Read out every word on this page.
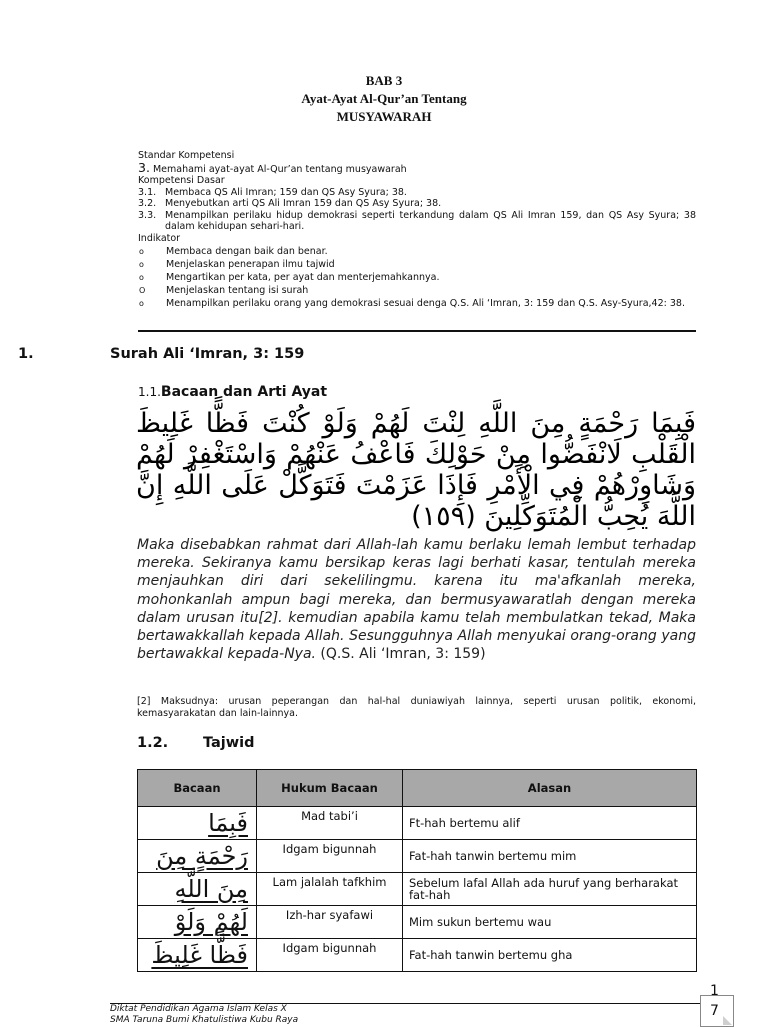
BAB 3
Ayat-Ayat Al-Qur’an Tentang
MUSYAWARAH
Standar Kompetensi
3. Memahami ayat-ayat Al-Qur’an tentang musyawarah
Kompetensi Dasar
3.1. Membaca QS Ali Imran; 159 dan QS Asy Syura; 38.
3.2. Menyebutkan arti QS Ali Imran 159 dan QS Asy Syura; 38.
3.3. Menampilkan perilaku hidup demokrasi seperti terkandung dalam QS Ali Imran 159, dan QS Asy Syura; 38 dalam kehidupan sehari-hari.
Indikator
o	Membaca dengan baik dan benar.
o	Menjelaskan penerapan ilmu tajwid
o	Mengartikan per kata, per ayat dan menterjemahkannya.
O	Menjelaskan tentang isi surah
o	Menampilkan perilaku orang yang demokrasi sesuai denga Q.S. Ali ‘Imran, 3: 159 dan Q.S. Asy-Syura,42: 38.
1.	Surah Ali ‘Imran, 3: 159
1.1.Bacaan dan Arti Ayat
فَبِمَا رَحْمَةٍ مِنَ اللَّهِ لِنْتَ لَهُمْ وَلَوْ كُنْتَ فَظًّا غَلِيظَ الْقَلْبِ لَانْفَضُّوا مِنْ حَوْلِكَ فَاعْفُ عَنْهُمْ وَاسْتَغْفِرْ لَهُمْ وَشَاوِرْهُمْ فِي الْأَمْرِ فَإِذَا عَزَمْتَ فَتَوَكَّلْ عَلَى اللَّهِ إِنَّ اللَّهَ يُحِبُّ الْمُتَوَكِّلِينَ (١٥٩)
Maka disebabkan rahmat dari Allah-lah kamu berlaku lemah lembut terhadap mereka. Sekiranya kamu bersikap keras lagi berhati kasar, tentulah mereka menjauhkan diri dari sekelilingmu. karena itu ma'afkanlah mereka, mohonkanlah ampun bagi mereka, dan bermusyawaratlah dengan mereka dalam urusan itu[2]. kemudian apabila kamu telah membulatkan tekad, Maka bertawakkallah kepada Allah. Sesungguhnya Allah menyukai orang-orang yang bertawakkal kepada-Nya. (Q.S. Ali ‘Imran, 3: 159)
[2] Maksudnya: urusan peperangan dan hal-hal duniawiyah lainnya, seperti urusan politik, ekonomi, kemasyarakatan dan lain-lainnya.
1.2. Tajwid
Bacaan	Hukum Bacaan	Alasan
فَبِمَا	Mad tabi’i	Ft-hah bertemu alif
رَحْمَةٍ مِنَ	Idgam bigunnah	Fat-hah tanwin bertemu mim
مِنَ اللَّهِ	Lam jalalah tafkhim	Sebelum lafal Allah ada huruf yang berharakat fat-hah
لَهُمْ وَلَوْ	Izh-har syafawi	Mim sukun bertemu wau
فَظًّا غَلِيظَ	Idgam bigunnah	Fat-hah tanwin bertemu gha
Diktat Pendidikan Agama Islam Kelas X
SMA Taruna Bumi Khatulistiwa Kubu Raya
1
7
